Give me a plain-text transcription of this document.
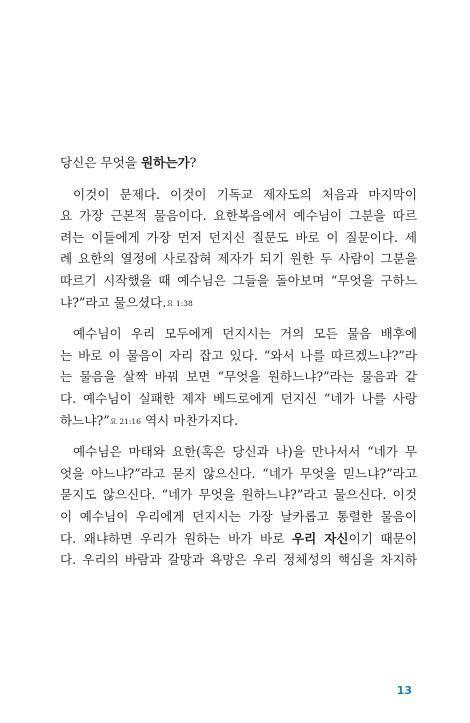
당신은 무엇을 원하는가?
이것이 문제다. 이것이 기독교 제자도의 처음과 마지막이
요 가장 근본적 물음이다. 요한복음에서 예수님이 그분을 따르
려는 이들에게 가장 먼저 던지신 질문도 바로 이 질문이다. 세
례 요한의 열정에 사로잡혀 제자가 되기 원한 두 사람이 그분을
따르기 시작했을 때 예수님은 그들을 돌아보며 “무엇을 구하느
냐?”라고 물으셨다.요 1:38
예수님이 우리 모두에게 던지시는 거의 모든 물음 배후에
는 바로 이 물음이 자리 잡고 있다. “와서 나를 따르겠느냐?”라
는 물음을 살짝 바꿔 보면 “무엇을 원하느냐?”라는 물음과 같
다. 예수님이 실패한 제자 베드로에게 던지신 “네가 나를 사랑
하느냐?”요 21:16 역시 마찬가지다.
예수님은 마태와 요한(혹은 당신과 나)을 만나서서 “네가 무
엇을 아느냐?”라고 묻지 않으신다. “네가 무엇을 믿느냐?”라고
묻지도 않으신다. “네가 무엇을 원하느냐?”라고 물으신다. 이것
이 예수님이 우리에게 던지시는 가장 날카롭고 통렬한 물음이
다. 왜냐하면 우리가 원하는 바가 바로 우리 자신이기 때문이
다. 우리의 바람과 갈망과 욕망은 우리 정체성의 핵심을 차지하
13
